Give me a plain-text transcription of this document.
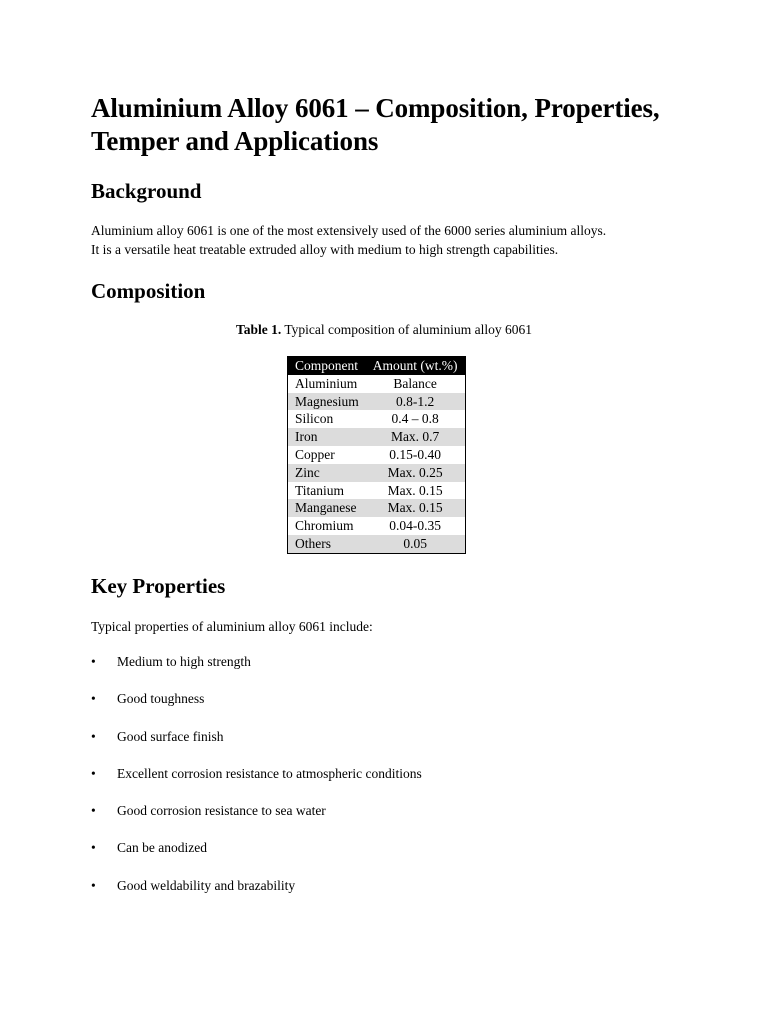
Aluminium Alloy 6061 – Composition, Properties, Temper and Applications
Background

Aluminium alloy 6061 is one of the most extensively used of the 6000 series aluminium alloys.

It is a versatile heat treatable extruded alloy with medium to high strength capabilities.

Composition
Table 1. Typical composition of aluminium alloy 6061
Component	Amount (wt.%)
Aluminium	Balance
Magnesium	0.8-1.2
Silicon	0.4 – 0.8
Iron	Max. 0.7
Copper	0.15-0.40
Zinc	Max. 0.25
Titanium	Max. 0.15
Manganese	Max. 0.15
Chromium	0.04-0.35
Others	0.05
Key Properties

Typical properties of aluminium alloy 6061 include:

• Medium to high strength
• Good toughness
• Good surface finish
• Excellent corrosion resistance to atmospheric conditions
• Good corrosion resistance to sea water
• Can be anodized
• Good weldability and brazability
